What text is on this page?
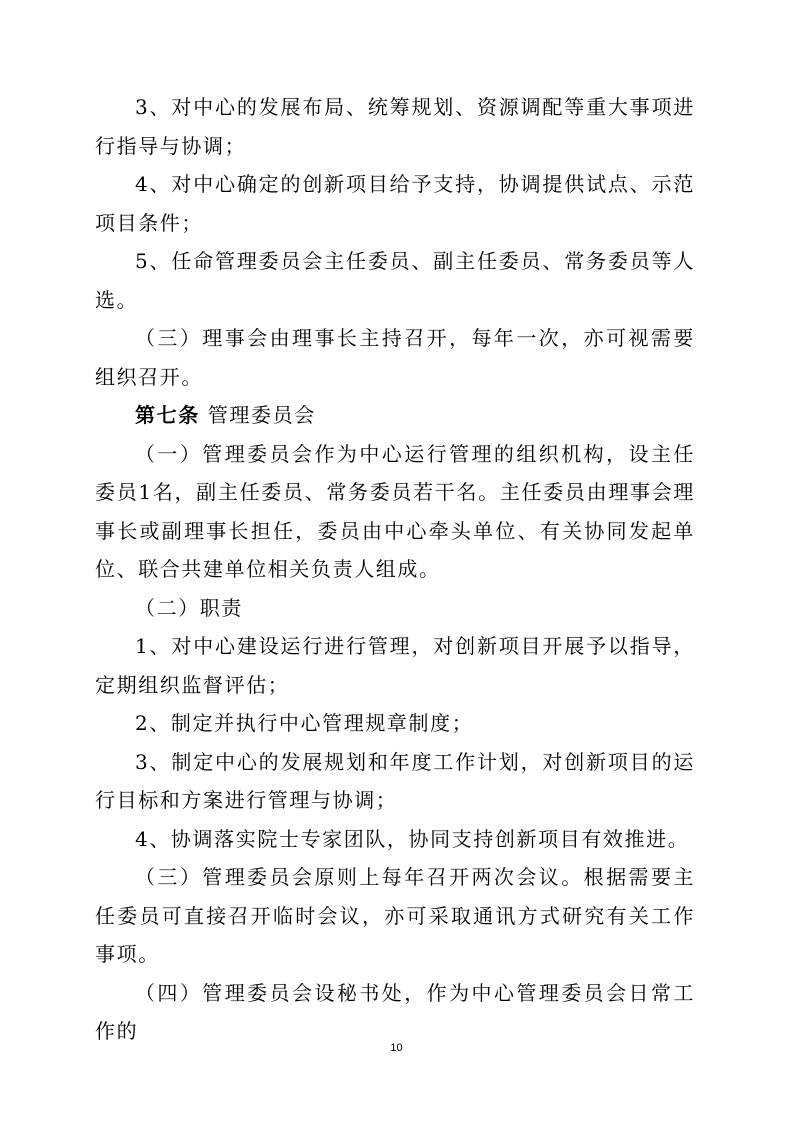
3、对中心的发展布局、统筹规划、资源调配等重大事项进行指导与协调；

4、对中心确定的创新项目给予支持，协调提供试点、示范项目条件；

5、任命管理委员会主任委员、副主任委员、常务委员等人选。

（三）理事会由理事长主持召开，每年一次，亦可视需要组织召开。

第七条 管理委员会

（一）管理委员会作为中心运行管理的组织机构，设主任委员1名，副主任委员、常务委员若干名。主任委员由理事会理事长或副理事长担任，委员由中心牵头单位、有关协同发起单位、联合共建单位相关负责人组成。

（二）职责

1、对中心建设运行进行管理，对创新项目开展予以指导，定期组织监督评估；

2、制定并执行中心管理规章制度；

3、制定中心的发展规划和年度工作计划，对创新项目的运行目标和方案进行管理与协调；

4、协调落实院士专家团队，协同支持创新项目有效推进。

（三）管理委员会原则上每年召开两次会议。根据需要主任委员可直接召开临时会议，亦可采取通讯方式研究有关工作事项。

（四）管理委员会设秘书处，作为中心管理委员会日常工作的

10
